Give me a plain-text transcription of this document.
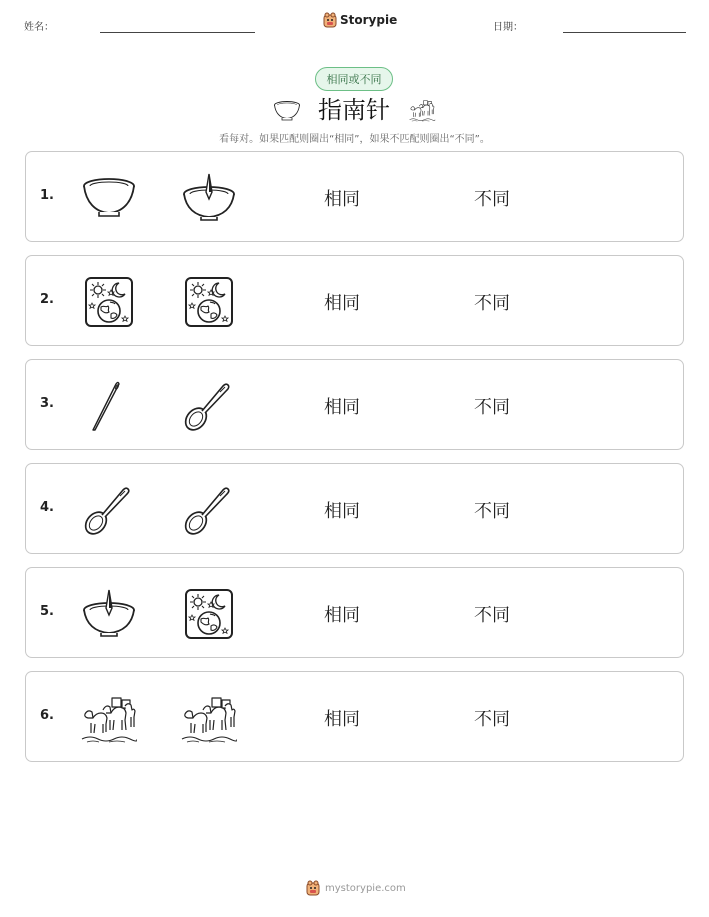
姓名：
Storypie
日期：
相同或不同
指南针
看每对。如果匹配则圈出“相同”，如果不匹配则圈出“不同”。
1.	相同	不同
2.	相同	不同
3.	相同	不同
4.	相同	不同
5.	相同	不同
6.	相同	不同
mystorypie.com
